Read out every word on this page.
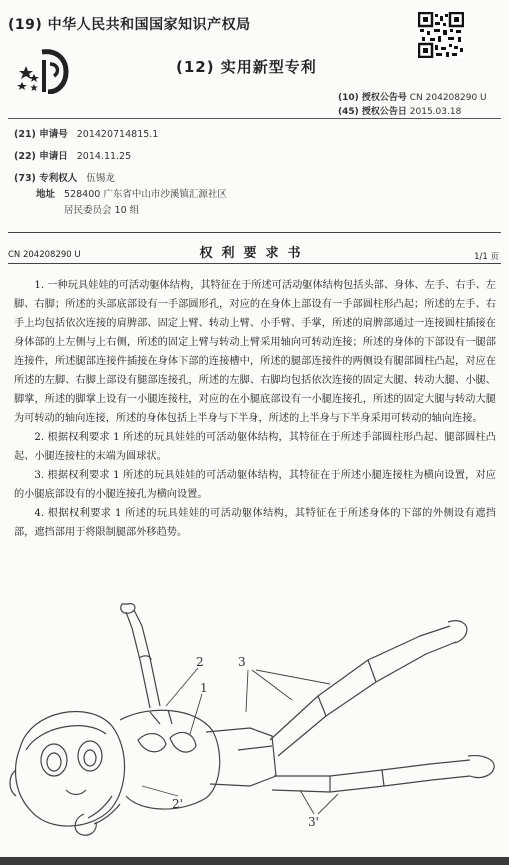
(19) 中华人民共和国国家知识产权局
(12) 实用新型专利
(10) 授权公告号 CN 204208290 U
(45) 授权公告日 2015.03.18
(21) 申请号 201420714815.1
(22) 申请日 2014.11.25
(73) 专利权人 伍锡龙
地址 528400 广东省中山市沙溪镇汇源社区
居民委员会 10 组
CN 204208290 U	权利要求书	1/1 页

1. 一种玩具娃娃的可活动躯体结构，其特征在于所述可活动躯体结构包括头部、身体、左手、右手、左脚、右脚；所述的头部底部设有一手部圆形孔，对应的在身体上部设有一手部圆柱形凸起；所述的左手、右手上均包括依次连接的肩脾部、固定上臂、转动上臂、小手臂、手掌，所述的肩脾部通过一连接圆柱插接在身体部的上左侧与上右侧，所述的固定上臂与转动上臂采用轴向可转动连接；所述的身体的下部设有一腿部连接件，所述腿部连接件插接在身体下部的连接槽中，所述的腿部连接件的两侧设有腿部圆柱凸起，对应在所述的左脚、右脚上部设有腿部连接孔，所述的左脚、右脚均包括依次连接的固定大腿、转动大腿、小腿、脚掌，所述的脚掌上设有一小腿连接柱，对应的在小腿底部设有一小腿连接孔，所述的固定大腿与转动大腿为可转动的轴向连接，所述的身体包括上半身与下半身，所述的上半身与下半身采用可转动的轴向连接。

2. 根据权利要求 1 所述的玩具娃娃的可活动躯体结构，其特征在于所述手部圆柱形凸起、腿部圆柱凸起、小腿连接柱的末端为圆球状。

3. 根据权利要求 1 所述的玩具娃娃的可活动躯体结构，其特征在于所述小腿连接柱为横向设置，对应的小腿底部设有的小腿连接孔为横向设置。

4. 根据权利要求 1 所述的玩具娃娃的可活动躯体结构，其特征在于所述身体的下部的外侧设有遮挡部，遮挡部用于将限制腿部外移趋势。

2
1
3
2'
3'
